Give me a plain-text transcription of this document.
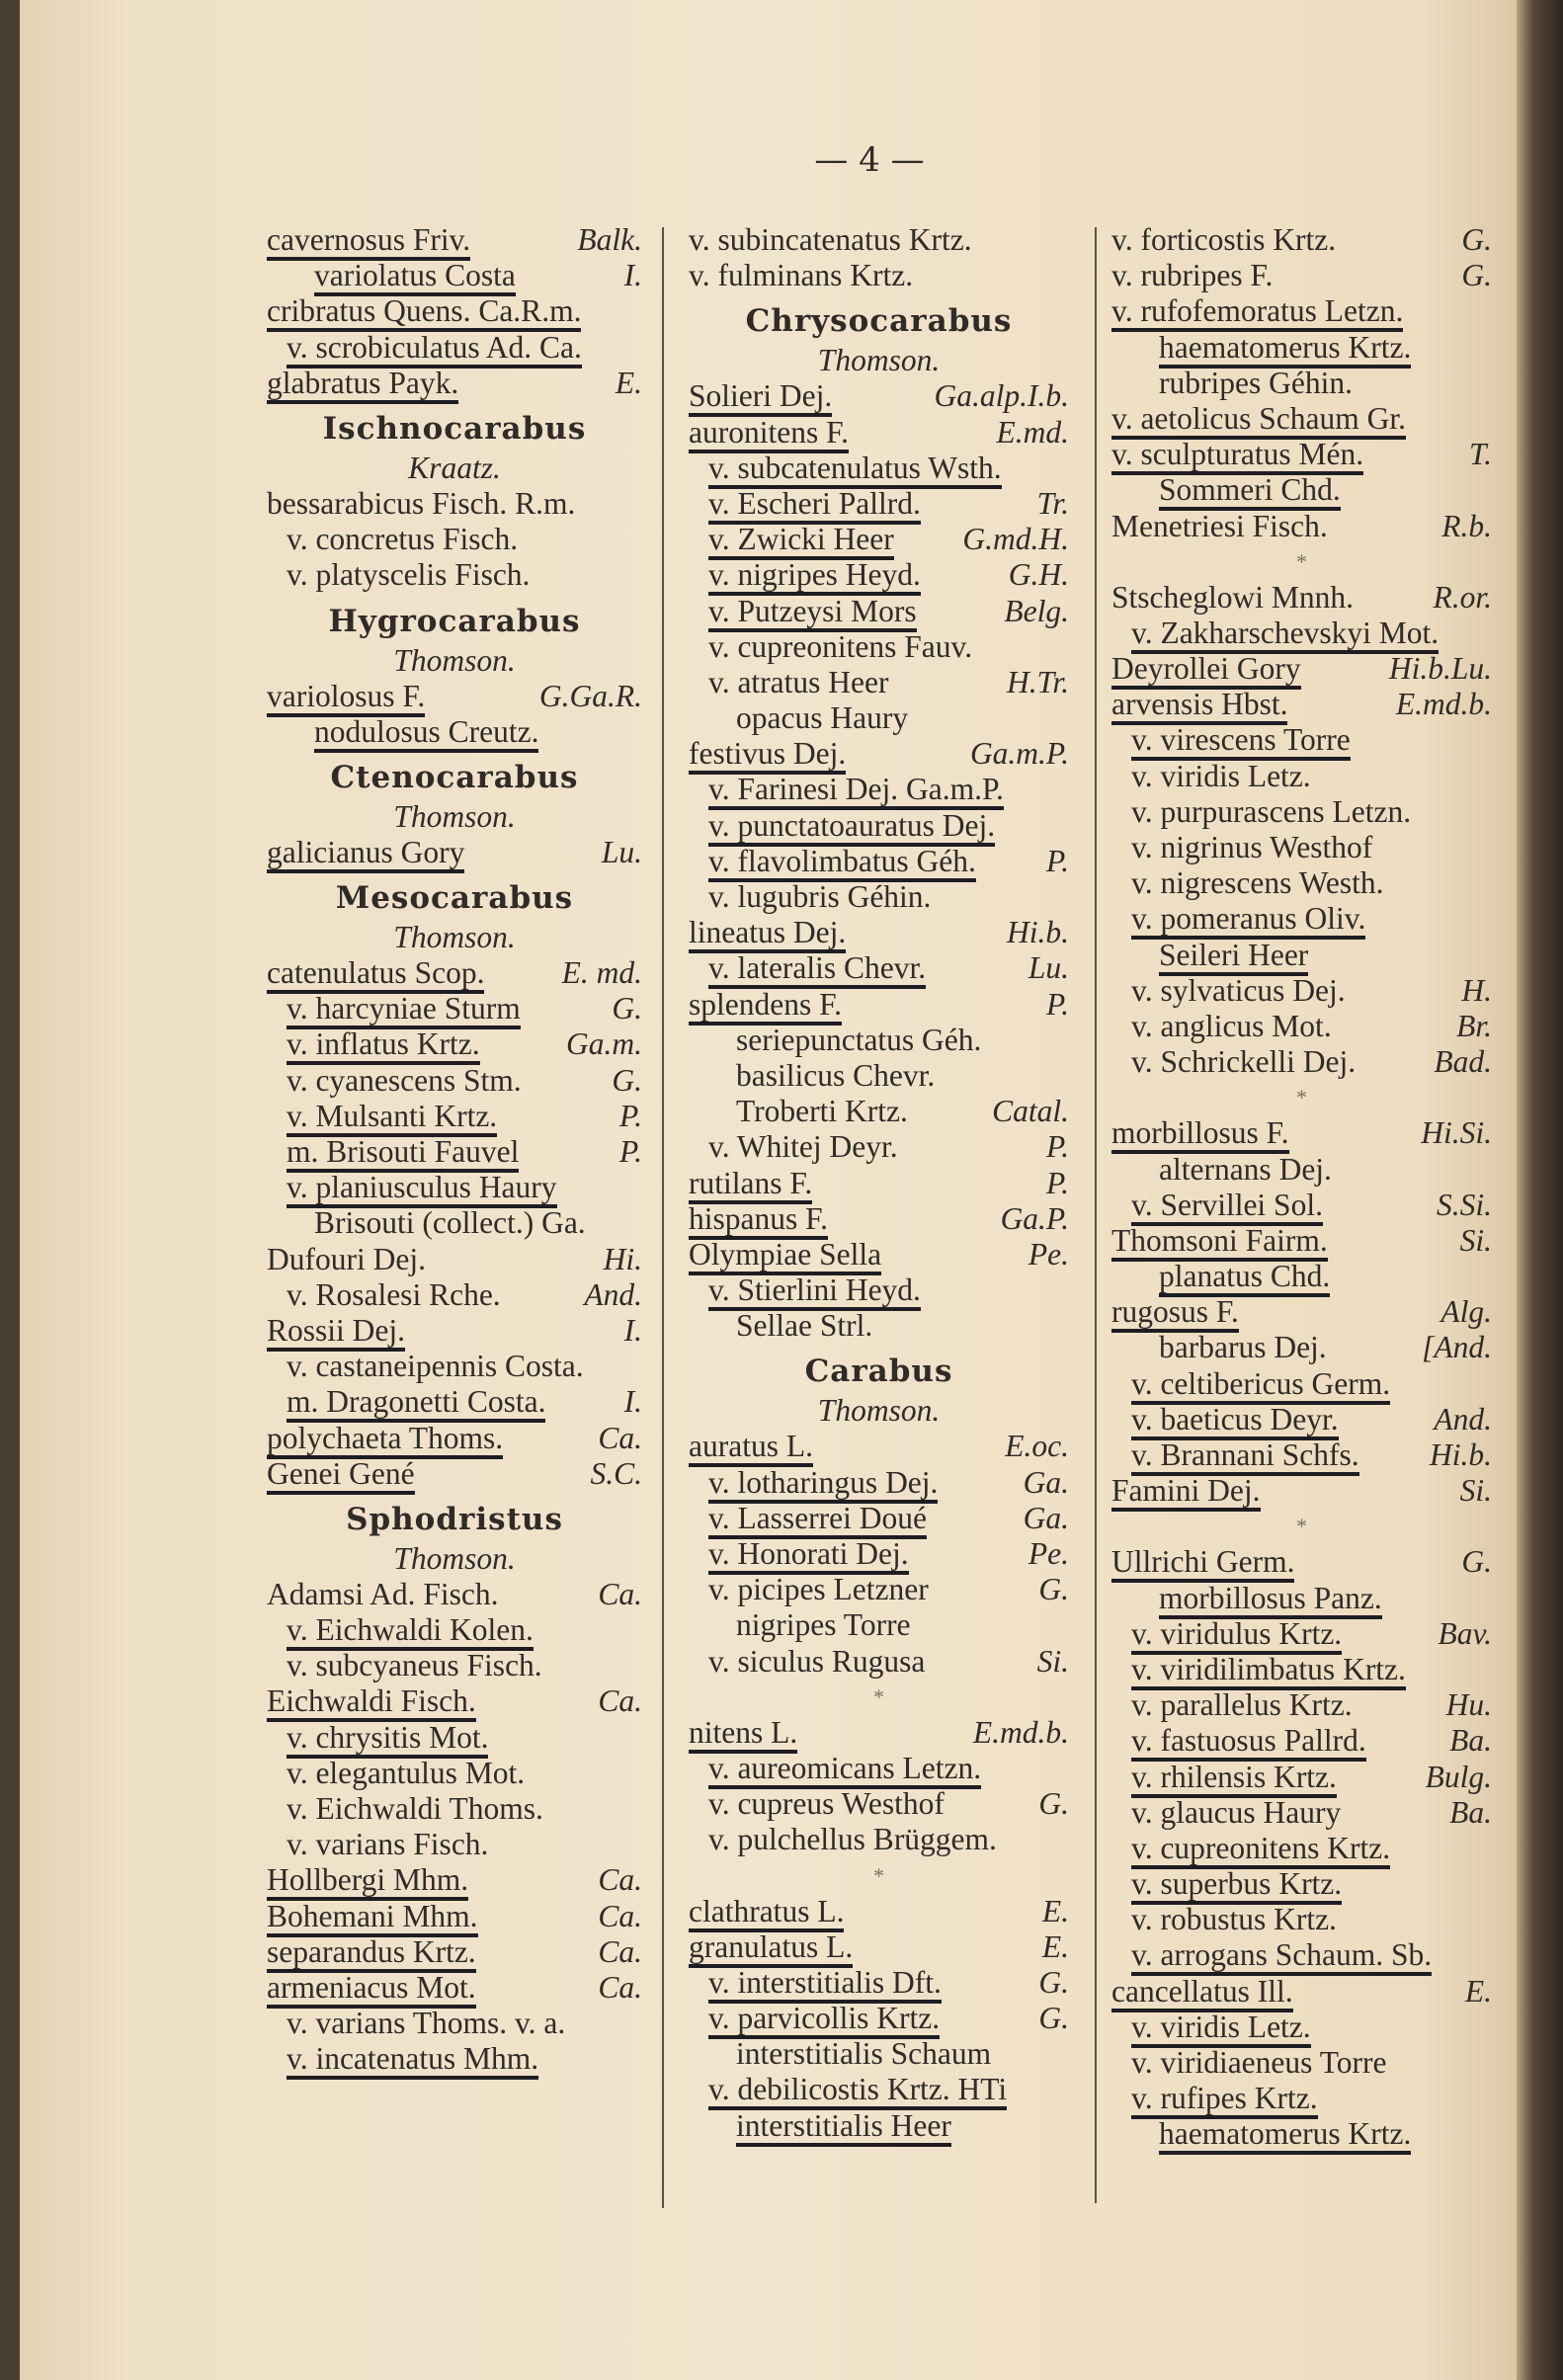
— 4 —
cavernosus Friv.	Balk.
variolatus Costa	I.
cribratus Quens. Ca.R.m.
v. scrobiculatus Ad. Ca.
glabratus Payk.	E.
Ischnocarabus
Kraatz.
bessarabicus Fisch. R.m.
v. concretus Fisch.
v. platyscelis Fisch.
Hygrocarabus
Thomson.
variolosus F.	G.Ga.R.
nodulosus Creutz.
Ctenocarabus
Thomson.
galicianus Gory	Lu.
Mesocarabus
Thomson.
catenulatus Scop. E. md.
v. harcyniae Sturm	G.
v. inflatus Krtz.	Ga.m.
v. cyanescens Stm.	G.
v. Mulsanti Krtz.	P.
m. Brisouti Fauvel	P.
v. planiusculus Haury
Brisouti (collect.) Ga.
Dufouri Dej.	Hi.
v. Rosalesi Rche.	And.
Rossii Dej.	I.
v. castaneipennis Costa.
m. Dragonetti Costa.	I.
polychaeta Thoms.	Ca.
Genei Gené	S.C.
Sphodristus
Thomson.
Adamsi Ad. Fisch.	Ca.
v. Eichwaldi Kolen.
v. subcyaneus Fisch.
Eichwaldi Fisch.	Ca.
v. chrysitis Mot.
v. elegantulus Mot.
v. Eichwaldi Thoms.
v. varians Fisch.
Hollbergi Mhm.	Ca.
Bohemani Mhm.	Ca.
separandus Krtz.	Ca.
armeniacus Mot.	Ca.
v. varians Thoms. v. a.
v. incatenatus Mhm.
v. subincatenatus Krtz.
v. fulminans Krtz.
Chrysocarabus
Thomson.
Solieri Dej.	Ga.alp.I.b.
auronitens F.	E.md.
v. subcatenulatus Wsth.
v. Escheri Pallrd.	Tr.
v. Zwicki Heer G.md.H.
v. nigripes Heyd.	G.H.
v. Putzeysi Mors	Belg.
v. cupreonitens Fauv.
v. atratus Heer	H.Tr.
opacus Haury
festivus Dej.	Ga.m.P.
v. Farinesi Dej. Ga.m.P.
v. punctatoauratus Dej.
v. flavolimbatus Géh. P.
v. lugubris Géhin.
lineatus Dej.	Hi.b.
v. lateralis Chevr.	Lu.
splendens F.	P.
seriepunctatus Géh.
basilicus Chevr.
Troberti Krtz.	Catal.
v. Whitej Deyr.	P.
rutilans F.	P.
hispanus F.	Ga.P.
Olympiae Sella	Pe.
v. Stierlini Heyd.
Sellae Strl.
Carabus
Thomson.
auratus L.	E.oc.
v. lotharingus Dej.	Ga.
v. Lasserrei Doué	Ga.
v. Honorati Dej.	Pe.
v. picipes Letzner	G.
nigripes Torre
v. siculus Rugusa	Si.
*
nitens L.	E.md.b.
v. aureomicans Letzn.
v. cupreus Westhof	G.
v. pulchellus Brüggem.
*
clathratus L.	E.
granulatus L.	E.
v. interstitialis Dft.	G.
v. parvicollis Krtz.	G.
interstitialis Schaum
v. debilicostis Krtz. HTi
interstitialis Heer
v. forticostis Krtz.	G.
v. rubripes F.	G.
v. rufofemoratus Letzn.
haematomerus Krtz.
rubripes Géhin.
v. aetolicus Schaum Gr.
v. sculpturatus Mén.	T.
Sommeri Chd.
Menetriesi Fisch.	R.b.
*
Stscheglowi Mnnh.	R.or.
v. Zakharschevskyi Mot.
Deyrollei Gory	Hi.b.Lu.
arvensis Hbst.	E.md.b.
v. virescens Torre
v. viridis Letz.
v. purpurascens Letzn.
v. nigrinus Westhof
v. nigrescens Westh.
v. pomeranus Oliv.
Seileri Heer
v. sylvaticus Dej.	H.
v. anglicus Mot.	Br.
v. Schrickelli Dej.	Bad.
*
morbillosus F.	Hi.Si.
alternans Dej.
v. Servillei Sol.	S.Si.
Thomsoni Fairm.	Si.
planatus Chd.
rugosus F.	Alg.
barbarus Dej.	[And.
v. celtibericus Germ.
v. baeticus Deyr.	And.
v. Brannani Schfs. Hi.b.
Famini Dej.	Si.
*
Ullrichi Germ.	G.
morbillosus Panz.
v. viridulus Krtz.	Bav.
v. viridilimbatus Krtz.
v. parallelus Krtz.	Hu.
v. fastuosus Pallrd.	Ba.
v. rhilensis Krtz.	Bulg.
v. glaucus Haury	Ba.
v. cupreonitens Krtz.
v. superbus Krtz.
v. robustus Krtz.
v. arrogans Schaum. Sb.
cancellatus Ill.	E.
v. viridis Letz.
v. viridiaeneus Torre
v. rufipes Krtz.
haematomerus Krtz.
